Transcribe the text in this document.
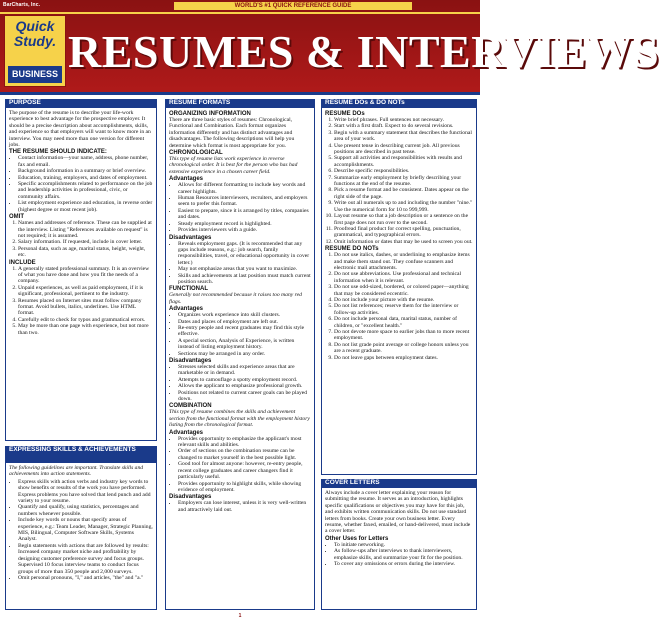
BarCharts, Inc.	WORLD'S #1 QUICK REFERENCE GUIDE
Quick
Study.
BUSINESS RESUMES & INTERVIEWS
PURPOSE

The purpose of the resume is to describe your life-work experience to best advantage for the prospective employer. It should be a precise description about accomplishments, skills, and experience so that employers will want to know more in an interview. You may need more than one version for different jobs.

THE RESUME SHOULD INDICATE:
• Contact information—your name, address, phone number, fax and email.
• Background information in a summary or brief overview.
• Education, training, employers, and dates of employment.
• Specific accomplishments related to performance on the job and leadership activities in professional, civic, or community affairs.
• List employment experience and education, in reverse order (highest degree or most recent job).
OMIT
1. Names and addresses of reference. These can be supplied at the interview. Listing "References available on request" is not required; it is assumed.
2. Salary information. If requested, include in cover letter.
3. Personal data, such as age, marital status, height, weight, etc.
INCLUDE
1. A generally stated professional summary. It is an overview of what you have done and how you fit the needs of a company.
2. Unpaid experiences, as well as paid employment, if it is significant, professional, pertinent to the industry.
3. Resumes placed on Internet sites must follow company format. Avoid bullets, italics, underlines. Use HTML format.
4. Carefully edit to check for typos and grammatical errors.
5. May be more than one page with experience, but not more than two.
EXPRESSING SKILLS & ACHIEVEMENTS

The following guidelines are important. Translate skills and achievements into action statements.

• Express skills with action verbs and industry key words to show benefits or results of the work you have performed. Express problems you have solved that lend punch and add variety to your resume.
• Quantify and qualify, using statistics, percentages and numbers whenever possible.
• Include key words or nouns that specify areas of experience, e.g.: Team Leader, Manager, Strategic Planning, MIS, Bilingual, Computer Software Skills, Systems Analyst.
• Begin statements with actions that are followed by results: Increased company market niche and profitability by designing customer preference survey and focus groups. Supervised 10 focus interview teams to conduct focus groups of more than 350 people and 2,000 surveys.
• Omit personal pronouns, "I," and articles, "the" and "a."
RESUME FORMATS
ORGANIZING INFORMATION

There are three basic styles of resumes: Chronological, Functional and Combination. Each format organizes information differently and has distinct advantages and disadvantages. The following descriptions will help you determine which format is most appropriate for you.

CHRONOLOGICAL

This type of resume lists work experience in reverse chronological order. It is best for the person who has had extensive experience in a chosen career field.

Advantages
• Allows for different formatting to include key words and career highlights.
• Human Resources interviewers, recruiters, and employers seem to prefer this format.
• Easiest to prepare, since it is arranged by titles, companies and dates.
• Steady employment record is highlighted.
• Provides interviewers with a guide.
Disadvantages
• Reveals employment gaps. (It is recommended that any gaps include reasons, e.g.: job search, family responsibilities, travel, or educational opportunity in cover letter.)
• May not emphasize areas that you want to maximize.
• Skills and achievements at last position must match current position search.
FUNCTIONAL

Generally not recommended because it raises too many red flags.

Advantages
• Organizes work experience into skill clusters.
• Dates and places of employment are left out.
• Re-entry people and recent graduates may find this style effective.
• A special section, Analysis of Experience, is written instead of listing employment history.
• Sections may be arranged in any order.
Disadvantages
• Stresses selected skills and experience areas that are marketable or in demand.
• Attempts to camouflage a spotty employment record.
• Allows the applicant to emphasize professional growth.
• Positions not related to current career goals can be played down.
COMBINATION

This type of resume combines the skills and achievement section from the functional format with the employment history listing from the chronological format.

Advantages
• Provides opportunity to emphasize the applicant's most relevant skills and abilities.
• Order of sections on the combination resume can be changed to market yourself in the best possible light.
• Good tool for almost anyone: however, re-entry people, recent college graduates and career changers find it particularly useful.
• Provides opportunity to highlight skills, while showing evidence of employment.
Disadvantages
• Employers can lose interest, unless it is very well-written and attractively laid out.
RESUME DOs & DO NOTs
RESUME DOs
1. Write brief phrases. Full sentences not necessary.
2. Start with a first draft. Expect to do several revisions.
3. Begin with a summary statement that describes the functional area of your work.
4. Use present tense in describing current job. All previous positions are described in past tense.
5. Support all activities and responsibilities with results and accomplishments.
6. Describe specific responsibilities.
7. Summarize early employment by briefly describing your functions at the end of the resume.
8. Pick a resume format and be consistent. Dates appear on the right side of the page.
9. Write out all numerals up to and including the number "nine." Use the numerical form for 10 to 999,999.
10. Layout resume so that a job description or a sentence on the first page does not run over to the second.
11. Proofread final product for correct spelling, punctuation, grammatical, and typographical errors.
12. Omit information or dates that may be used to screen you out.
RESUME DO NOTs
1. Do not use italics, dashes, or underlining to emphasize items and make them stand out. They confuse scanners and electronic mail attachments.
2. Do not use abbreviations. Use professional and technical information when it is relevant.
3. Do not use odd-sized, bordered, or colored paper—anything that may be considered eccentric.
4. Do not include your picture with the resume.
5. Do not list references; reserve them for the interview or follow-up activities.
6. Do not include personal data, marital status, number of children, or "excellent health."
7. Do not devote more space to earlier jobs than to more recent employment.
8. Do not list grade point average or college honors unless you are a recent graduate.
9. Do not leave gaps between employment dates.
COVER LETTERS

Always include a cover letter explaining your reason for submitting the resume. It serves as an introduction, highlights specific qualifications or objectives you may have for this job, and exhibits written communication skills. Do not use standard letters from books. Create your own business letter. Every resume, whether faxed, emailed, or hand-delivered, must include a cover letter.

Other Uses for Letters
• To initiate networking.
• As follow-ups after interviews to thank interviewers, emphasize skills, and summarize your fit for the position.
• To cover any omissions or errors during the interview.
1
